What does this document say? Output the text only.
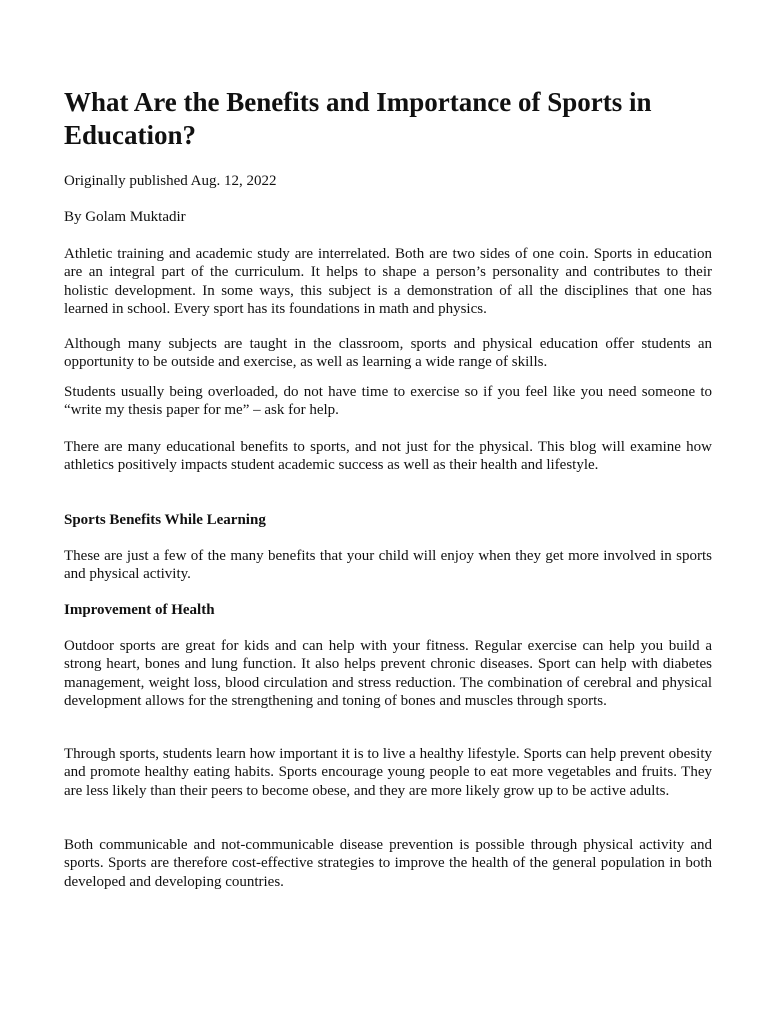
What Are the Benefits and Importance of Sports in Education?

Originally published Aug. 12, 2022

By Golam Muktadir

Athletic training and academic study are interrelated. Both are two sides of one coin. Sports in education are an integral part of the curriculum. It helps to shape a person’s personality and contributes to their holistic development. In some ways, this subject is a demonstration of all the disciplines that one has learned in school. Every sport has its foundations in math and physics.

Although many subjects are taught in the classroom, sports and physical education offer students an opportunity to be outside and exercise, as well as learning a wide range of skills.

Students usually being overloaded, do not have time to exercise so if you feel like you need someone to “write my thesis paper for me” – ask for help.

There are many educational benefits to sports, and not just for the physical. This blog will examine how athletics positively impacts student academic success as well as their health and lifestyle.

Sports Benefits While Learning

These are just a few of the many benefits that your child will enjoy when they get more involved in sports and physical activity.

Improvement of Health

Outdoor sports are great for kids and can help with your fitness. Regular exercise can help you build a strong heart, bones and lung function. It also helps prevent chronic diseases. Sport can help with diabetes management, weight loss, blood circulation and stress reduction. The combination of cerebral and physical development allows for the strengthening and toning of bones and muscles through sports.

Through sports, students learn how important it is to live a healthy lifestyle. Sports can help prevent obesity and promote healthy eating habits. Sports encourage young people to eat more vegetables and fruits. They are less likely than their peers to become obese, and they are more likely grow up to be active adults.

Both communicable and not-communicable disease prevention is possible through physical activity and sports. Sports are therefore cost-effective strategies to improve the health of the general population in both developed and developing countries.
